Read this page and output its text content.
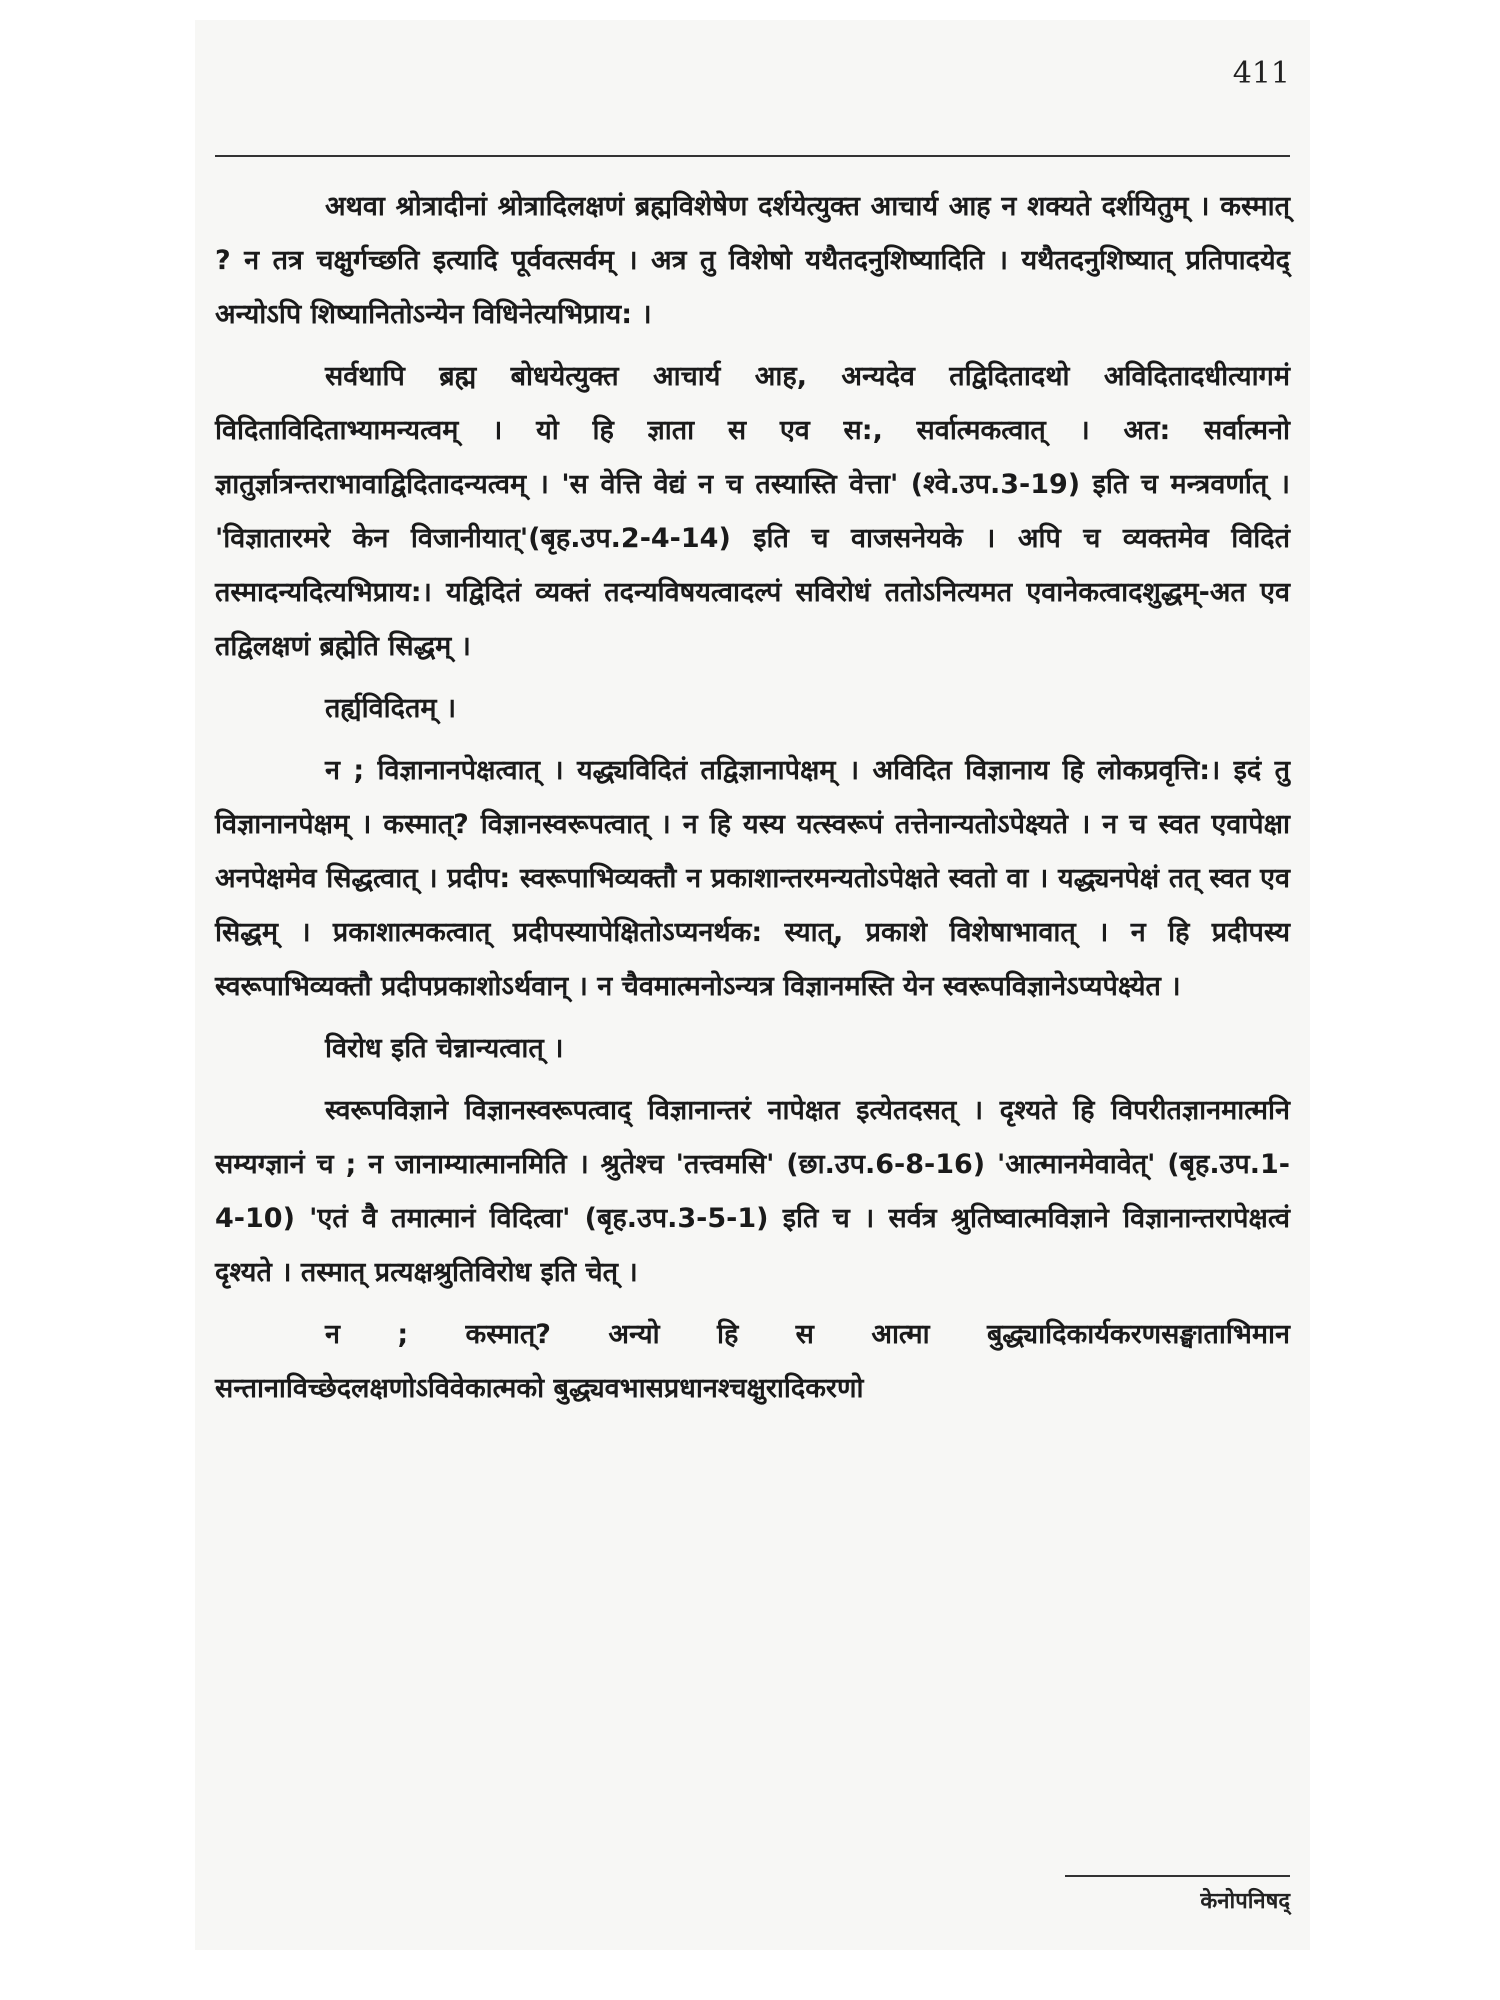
411

अथवा श्रोत्रादीनां श्रोत्रादिलक्षणं ब्रह्मविशेषेण दर्शयेत्युक्त आचार्य आह न शक्यते दर्शयितुम् । कस्मात् ? न तत्र चक्षुर्गच्छति इत्यादि पूर्ववत्सर्वम् । अत्र तु विशेषो यथैतदनुशिष्यादिति । यथैतदनुशिष्यात् प्रतिपादयेद् अन्योऽपि शिष्यानितोऽन्येन विधिनेत्यभिप्राय: ।

सर्वथापि ब्रह्म बोधयेत्युक्त आचार्य आह, अन्यदेव तद्विदितादथो अविदितादधीत्यागमं विदिताविदिताभ्यामन्यत्वम् । यो हि ज्ञाता स एव स:, सर्वात्मकत्वात् । अत: सर्वात्मनो ज्ञातुर्ज्ञात्रन्तराभावाद्विदितादन्यत्वम् । 'स वेत्ति वेद्यं न च तस्यास्ति वेत्ता' (श्वे.उप.3-19) इति च मन्त्रवर्णात् । 'विज्ञातारमरे केन विजानीयात्'(बृह.उप.2-4-14) इति च वाजसनेयके । अपि च व्यक्तमेव विदितं तस्मादन्यदित्यभिप्राय:। यद्विदितं व्यक्तं तदन्यविषयत्वादल्पं सविरोधं ततोऽनित्यमत एवानेकत्वादशुद्धम्-अत एव तद्विलक्षणं ब्रह्मेति सिद्धम् ।

तर्ह्यविदितम् ।

न ; विज्ञानानपेक्षत्वात् । यद्ध्यविदितं तद्विज्ञानापेक्षम् । अविदित विज्ञानाय हि लोकप्रवृत्ति:। इदं तु विज्ञानानपेक्षम् । कस्मात्? विज्ञानस्वरूपत्वात् । न हि यस्य यत्स्वरूपं तत्तेनान्यतोऽपेक्ष्यते । न च स्वत एवापेक्षा अनपेक्षमेव सिद्धत्वात् । प्रदीप: स्वरूपाभिव्यक्तौ न प्रकाशान्तरमन्यतोऽपेक्षते स्वतो वा । यद्ध्यनपेक्षं तत् स्वत एव सिद्धम् । प्रकाशात्मकत्वात् प्रदीपस्यापेक्षितोऽप्यनर्थक: स्यात्, प्रकाशे विशेषाभावात् । न हि प्रदीपस्य स्वरूपाभिव्यक्तौ प्रदीपप्रकाशोऽर्थवान् । न चैवमात्मनोऽन्यत्र विज्ञानमस्ति येन स्वरूपविज्ञानेऽप्यपेक्ष्येत ।

विरोध इति चेन्नान्यत्वात् ।

स्वरूपविज्ञाने विज्ञानस्वरूपत्वाद् विज्ञानान्तरं नापेक्षत इत्येतदसत् । दृश्यते हि विपरीतज्ञानमात्मनि सम्यग्ज्ञानं च ; न जानाम्यात्मानमिति । श्रुतेश्च 'तत्त्वमसि' (छा.उप.6-8-16) 'आत्मानमेवावेत्' (बृह.उप.1-4-10) 'एतं वै तमात्मानं विदित्वा' (बृह.उप.3-5-1) इति च । सर्वत्र श्रुतिष्वात्मविज्ञाने विज्ञानान्तरापेक्षत्वं दृश्यते । तस्मात् प्रत्यक्षश्रुतिविरोध इति चेत् ।

न ; कस्मात्? अन्यो हि स आत्मा बुद्ध्यादिकार्यकरणसङ्घाताभिमान सन्तानाविच्छेदलक्षणोऽविवेकात्मको बुद्ध्यवभासप्रधानश्चक्षुरादिकरणो

केनोपनिषद्
